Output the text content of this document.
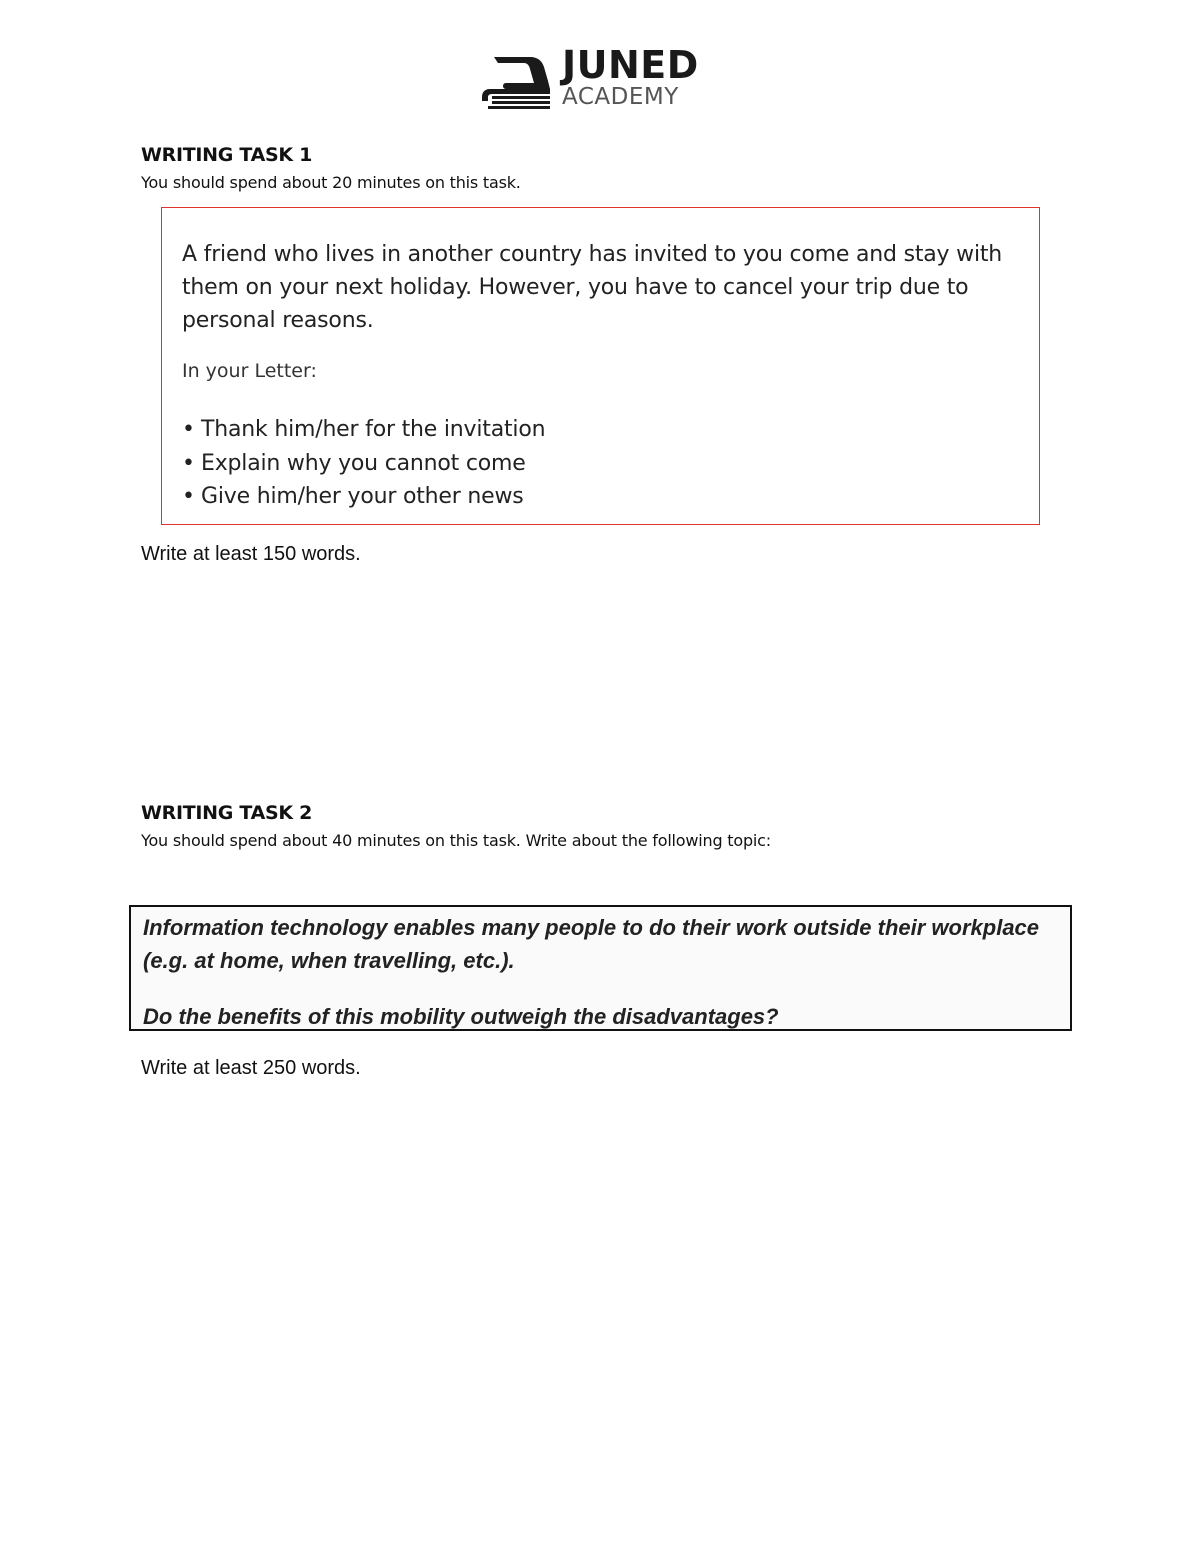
JUNED
ACADEMY
WRITING TASK 1
You should spend about 20 minutes on this task.

A friend who lives in another country has invited to you come and stay with them on your next holiday. However, you have to cancel your trip due to personal reasons.

In your Letter:

• Thank him/her for the invitation
• Explain why you cannot come
• Give him/her your other news
Write at least 150 words.
WRITING TASK 2
You should spend about 40 minutes on this task. Write about the following topic:

Information technology enables many people to do their work outside their workplace (e.g. at home, when travelling, etc.).

Do the benefits of this mobility outweigh the disadvantages?

Write at least 250 words.
